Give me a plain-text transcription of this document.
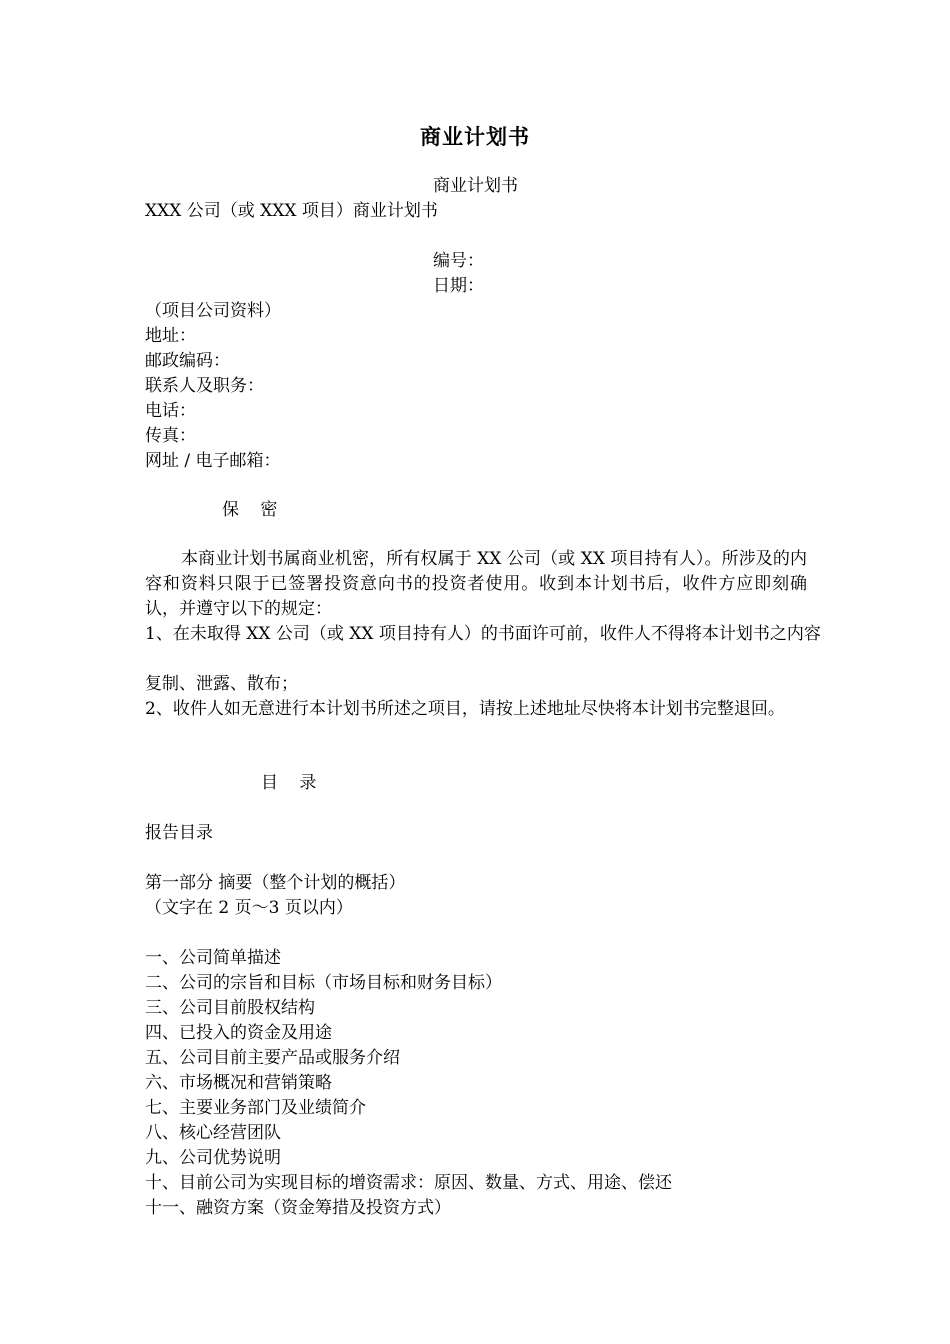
商业计划书
商业计划书
XXX 公司（或 XXX 项目）商业计划书
编号：
日期：
（项目公司资料）
地址：
邮政编码：
联系人及职务：
电话：
传真：
网址 / 电子邮箱：
保 密
本商业计划书属商业机密，所有权属于 XX 公司（或 XX 项目持有人）。所涉及的内容和资料只限于已签署投资意向书的投资者使用。收到本计划书后，收件方应即刻确认，并遵守以下的规定：
1、在未取得 XX 公司（或 XX 项目持有人）的书面许可前，收件人不得将本计划书之内容
复制、泄露、散布；
2、收件人如无意进行本计划书所述之项目，请按上述地址尽快将本计划书完整退回。
目 录
报告目录
第一部分 摘要（整个计划的概括）
（文字在 2 页～3 页以内）
一、公司简单描述
二、公司的宗旨和目标（市场目标和财务目标）
三、公司目前股权结构
四、已投入的资金及用途
五、公司目前主要产品或服务介绍
六、市场概况和营销策略
七、主要业务部门及业绩简介
八、核心经营团队
九、公司优势说明
十、目前公司为实现目标的增资需求：原因、数量、方式、用途、偿还
十一、融资方案（资金筹措及投资方式）
